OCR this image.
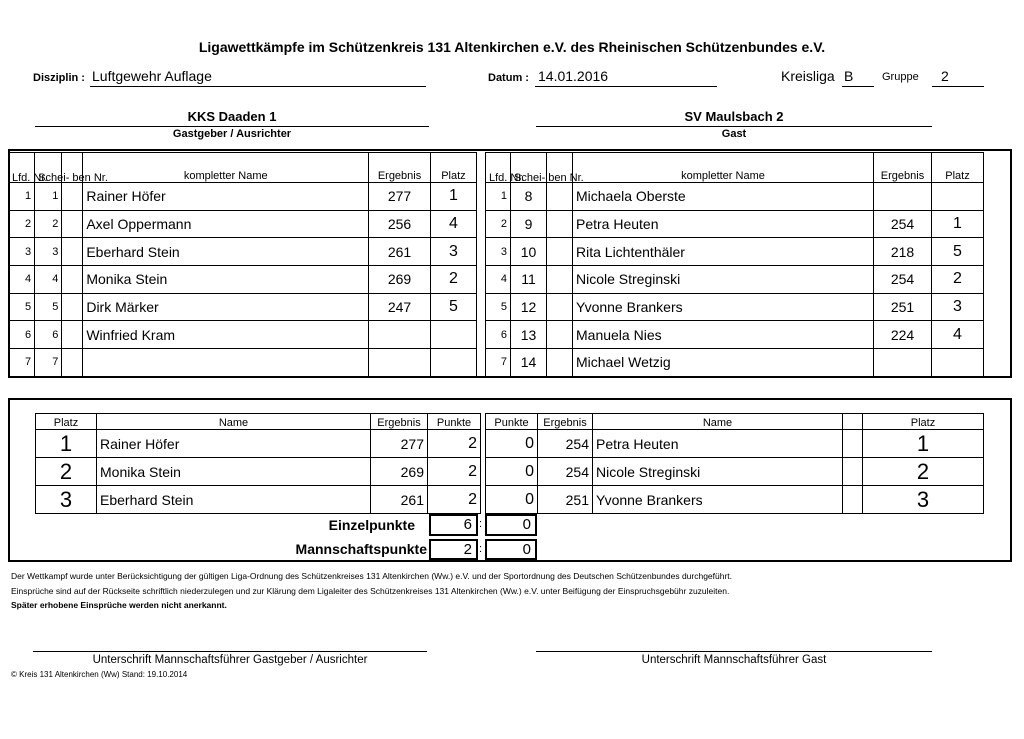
Ligawettkämpfe im Schützenkreis 131 Altenkirchen e.V. des Rheinischen Schützenbundes e.V.
Disziplin : Luftgewehr Auflage	Datum : 14.01.2016	Kreisliga B	Gruppe 2
KKS Daaden 1
Gastgeber / Ausrichter
SV Maulsbach 2
Gast
Lfd. Nr.	Schei- ben Nr.		kompletter Name	Ergebnis	Platz
1	1		Rainer Höfer	277	1
2	2		Axel Oppermann	256	4
3	3		Eberhard Stein	261	3
4	4		Monika Stein	269	2
5	5		Dirk Märker	247	5
6	6		Winfried Kram		
7	7				
Lfd. Nr.	Schei- ben Nr.		kompletter Name	Ergebnis	Platz
1	8		Michaela Oberste		
2	9		Petra Heuten	254	1
3	10		Rita Lichtenthäler	218	5
4	11		Nicole Streginski	254	2
5	12		Yvonne Brankers	251	3
6	13		Manuela Nies	224	4
7	14		Michael Wetzig		
Platz	Name	Ergebnis	Punkte
1	Rainer Höfer	277	2
2	Monika Stein	269	2
3	Eberhard Stein	261	2
Punkte	Ergebnis	Name		Platz
0	254	Petra Heuten		1
0	254	Nicole Streginski		2
0	251	Yvonne Brankers		3
Einzelpunkte	6	0
Mannschaftspunkte	2	0
Der Wettkampf wurde unter Berücksichtigung der gültigen Liga-Ordnung des Schützenkreises 131 Altenkirchen (Ww.) e.V. und der Sportordnung des Deutschen Schützenbundes durchgeführt.
Einsprüche sind auf der Rückseite schriftlich niederzulegen und zur Klärung dem Ligaleiter des Schützenkreises 131 Altenkirchen (Ww.) e.V. unter Beifügung der Einspruchsgebühr zuzuleiten.
Später erhobene Einsprüche werden nicht anerkannt.
Unterschrift Mannschaftsführer Gastgeber / Ausrichter	Unterschrift Mannschaftsführer Gast
© Kreis 131 Altenkirchen (Ww) Stand: 19.10.2014
:
:
:
:
:
